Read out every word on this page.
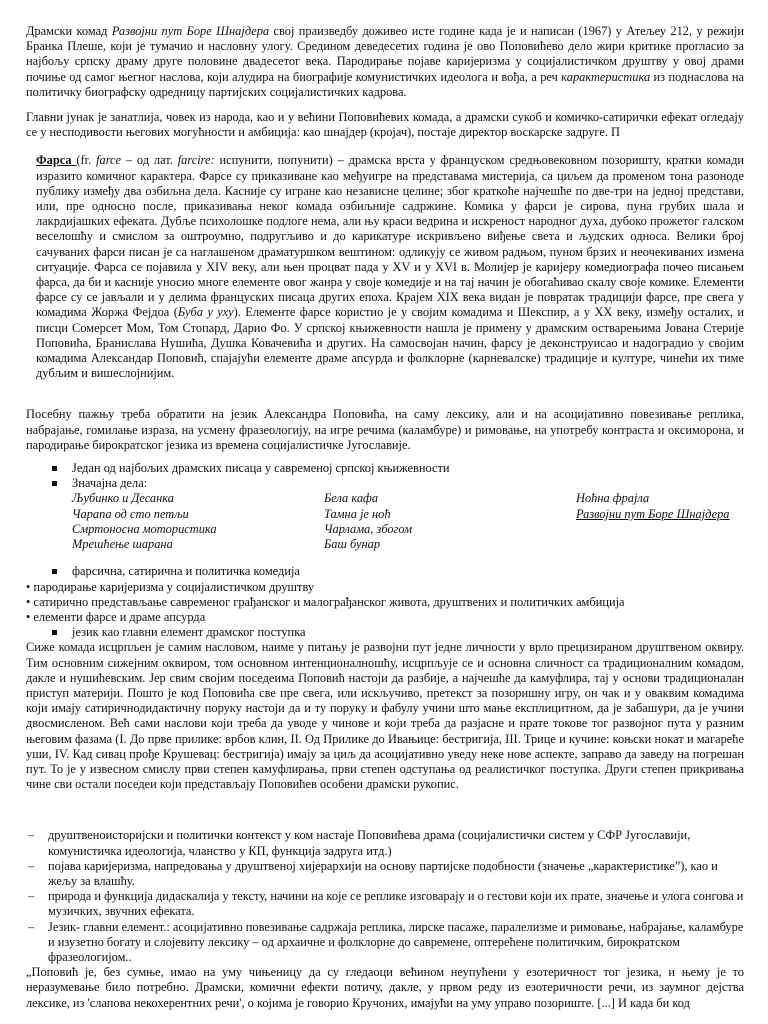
Драмски комад Развојни пут Боре Шнајдера свој праизведбу доживео исте године када је и написан (1967) у Атељеу 212, у режији Бранка Плеше, који је тумачио и насловну улогу. Средином деведесетих година је ово Поповићево дело жири критике прогласио за најбољу српску драму друге половине двадесетог века. Пародирање појаве каријеризма у социјалистичком друштву у овој драми почиње од самог његног наслова, који алудира на биографије комунистичких идеолога и вођа, а реч карактеристика из поднаслова на политичку биографску одредницу партијских социјалистичких кадрова.

Главни јунак је занатлија, човек из народа, као и у већини Поповићевих комада, а драмски сукоб и комичко-сатирички ефекат огледају се у несподивости његових могућности и амбиција: као шнајдер (кројач), постаје директор воскарске задруге. П

Фарса (fr. farce – од лат. farcire: испунити, попунити) – драмска врста у француском средњовековном позоришту, кратки комади изразито комичног карактера. Фарсе су приказиване као међуигре на представама мистерија, са циљем да променом тона разоноде публику између два озбиљна дела. Касније су игране као независне целине; због краткоће најчешће по две-три на једној представи, или, пре односно после, приказивања неког комада озбиљније садржине. Комика у фарси је сирова, пуна грубих шала и лакрдијашких ефеката. Дубље психолошке подлоге нема, али њу краси ведрина и искреност народног духа, дубоко прожетог галском веселошћу и смислом за оштроумно, подругљиво и до карикатуре искривљено виђење света и људских односа. Велики број сачуваних фарси писан је са наглашеном драматуршком вештином: одликују се живом радњом, пуном брзих и неочекиваних измена ситуације. Фарса се појавила у XIV веку, али њен процват пада у XV и у XVI в. Молијер је каријеру комедиографа почео писањем фарса, да би и касније уносио многе елементе овог жанра у своје комедије и на тај начин је обогаћивао скалу своје комике. Елементи фарсе су се јављали и у делима француских писаца других епоха. Крајем XIX века видан је повратак традицији фарсе, пре свега у комадима Жоржа Фејдоа (Буба у уху). Елементе фарсе користио је у својим комадима и Шекспир, а у XX веку, између осталих, и писци Сомерсет Мом, Том Стопард, Дарио Фо. У српској књижевности нашла је примену у драмским остварењима Јована Стерије Поповића, Бранислава Нушића, Душка Ковачевића и других. На самосвојан начин, фарсу је деконструисао и надоградио у својим комадима Александар Поповић, спајајући елементе драме апсурда и фолклорне (карневалске) традиције и културе, чинећи их тиме дубљим и вишеслојнијим.

Посебну пажњу треба обратити на језик Александра Поповића, на саму лексику, али и на асоцијативно повезивање реплика, набрајање, гомилање израза, на усмену фразеологију, на игре речима (каламбуре) и римовање, на употребу контраста и оксиморона, и пародирање бирократског језика из времена социјалистичке Југославије.

Један од најбољих драмских писаца у савременој српској књижевности
Значајна дела:
Љубинко и Десанка
Чарапа од сто петљи
Смртоносна мотористика
Мрешћење шарана
Бела кафа
Тамна је ноћ
Чарлама, збогом
Баш бунар
Ноћна фрајла
Развојни пут Боре Шнајдера
фарсична, сатирична и политичка комедија
• пародирање каријеризма у социјалистичком друштву
• сатирично представљање савременог грађанског и малограђанског живота, друштвених и политичких амбиција
• елементи фарсе и драме апсурда
језик као главни елемент драмског поступка

Сиже комада исцрпљен је самим насловом, наиме у питању је развојни пут једне личности у врло прецизираном друштвеном оквиру. Тим основним сижејним оквиром, том основном интенционалношћу, исцрпљује се и основна сличност са традиционалним комадом, дакле и нушићевским. Јер свим својим поседеима Поповић настоји да разбије, а најчешће да камуфлира, тај у основи традиционалан приступ материји. Пошто је код Поповића све пре свега, или искључиво, претекст за позоришну игру, он чак и у оваквим комадима који имају сатиричнодидактичну поруку настоји да и ту поруку и фабулу учини што мање експлицитном, да је забашури, да је учини двосмисленом. Већ сами наслови који треба да уводе у чинове и који треба да разјасне и прате токове тог развојног пута у разним његовим фазама (I. До прве прилике: врбов клин, II. Од Прилике до Ивањице: бестригија, III. Трице и кучине: коњски нокат и магареће уши, IV. Кад сивац прође Крушевац: бестригија) имају за циљ да асоцијативно уведу неке нове аспекте, заправо да заведу на погрешан пут. То је у извесном смислу први степен камуфлирања, први степен одступања од реалистичког поступка. Други степен прикривања чине сви остали поседеи који представљају Поповићев особени драмски рукопис.

– друштвеноисторијски и политички контекст у ком настаје Поповићева драма (социјалистички систем у СФР Југославији, комунистичка идеологија, чланство у КП, функција задруга итд.)
– појава каријеризма, напредовања у друштвеној хијерархији на основу партијске подобности (значење „карактеристике”), као и жељу за влашћу.
– природа и функција дидаскалија у тексту, начини на које се реплике изговарају и о гестови који их прате, значење и улога сонгова и музичких, звучних ефеката.
– Језик- главни елемент.: асоцијативно повезивање садржаја реплика, лирске пасаже, паралелизме и римовање, набрајање, каламбуре и изузетно богату и слојевиту лексику – од архаичне и фолклорне до савремене, оптерећене политичким, бирократском фразеологијом..

„Поповић је, без сумње, имао на уму чињеницу да су гледаоци већином неупућени у езотеричност тог језика, и њему је то неразумевање било потребно. Драмски, комични ефекти потичу, дакле, у првом реду из езотеричности речи, из заумног дејства лексике, из 'слапова некохерентних речи', о којима је говорио Кручоних, имајући на уму управо позориште. [...] И када би код
